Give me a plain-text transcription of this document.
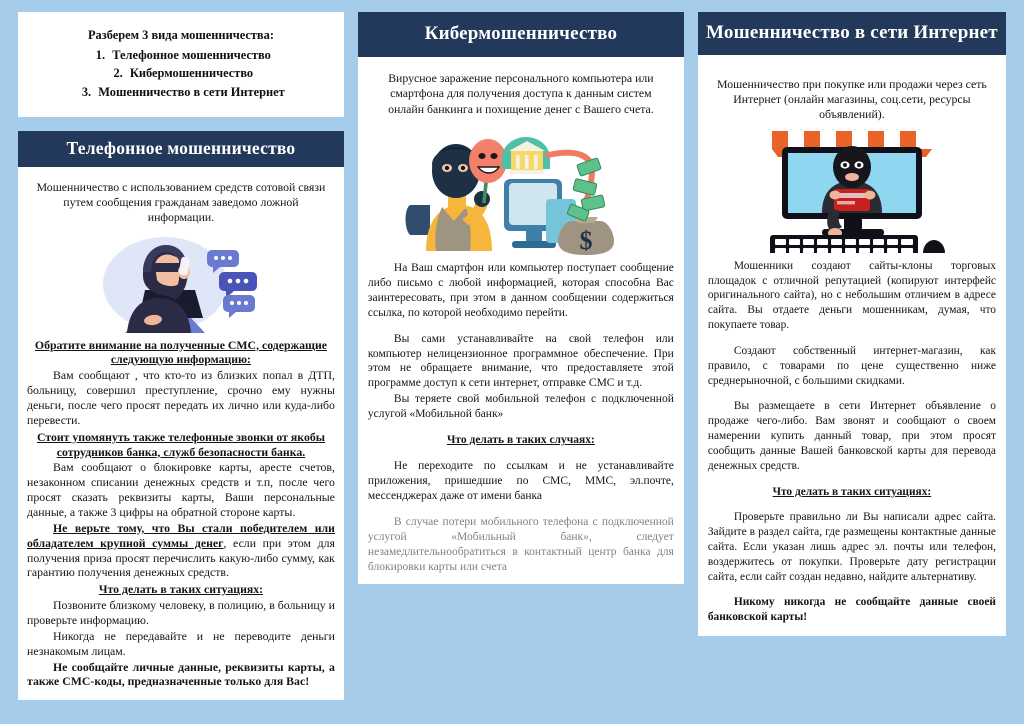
Разберем 3 вида мошенничества:
1. Телефонное мошенничество
2. Кибермошенничество
3. Мошенничество в сети Интернет
Телефонное мошенничество

Мошенничество с использованием средств сотовой связи путем сообщения гражданам заведомо ложной информации.

Обратите внимание на полученные СМС, содержащие следующую информацию:

Вам сообщают , что кто-то из близких попал в ДТП, больницу, совершил преступление, срочно ему нужны деньги, после чего просят передать их лично или куда-либо перевести.

Стоит упомянуть также телефонные звонки от якобы сотрудников банка, служб безопасности банка.

Вам сообщают о блокировке карты, аресте счетов, незаконном списании денежных средств и т.п, после чего просят сказать реквизиты карты, Ваши персональные данные, а также 3 цифры на обратной стороне карты.

Не верьте тому, что Вы стали победителем или обладателем крупной суммы денег, если при этом для получения приза просят перечислить какую-либо сумму, как гарантию получения денежных средств.

Что делать в таких ситуациях:

Позвоните близкому человеку, в полицию, в больницу и проверьте информацию.

Никогда не передавайте и не переводите деньги незнакомым лицам.

Не сообщайте личные данные, реквизиты карты, а также СМС-коды, предназначенные только для Вас!

Кибермошенничество

Вирусное заражение персонального компьютера или смартфона для получения доступа к данным систем онлайн банкинга и похищение денег с Вашего счета.

$

На Ваш смартфон или компьютер поступает сообщение либо письмо с любой информацией, которая способна Вас заинтересовать, при этом в данном сообщении содержиться ссылка, по которой необходимо перейти.

Вы сами устанавливайте на свой телефон или компьютер нелицензионное программное обеспечение. При этом не обращаете внимание, что предоставляете этой программе доступ к сети интернет, отправке СМС и т.д.

Вы теряете свой мобильной телефон с подключенной услугой «Мобильной банк»

Что делать в таких случаях:

Не переходите по ссылкам и не устанавливайте приложения, пришедшие по СМС, ММС, эл.почте, мессенджерах даже от имени банка

В случае потери мобильного телефона с подключенной услугой «Мобильный банк», следует незамедлительнообратиться в контактный центр банка для блокировки карты или счета

Мошенничество в сети Интернет

Мошенничество при покупке или продажи через сеть Интернет (онлайн магазины, соц.сети, ресурсы объявлений).

Мошенники создают сайты-клоны торговых площадок с отличной репутацией (копируют интерфейс оригинального сайта), но с небольшим отличием в адресе сайта. Вы отдаете деньги мошенникам, думая, что покупаете товар.

Создают собственный интернет-магазин, как правило, с товарами по цене существенно ниже среднерыночной, с большими скидками.

Вы размещаете в сети Интернет объявление о продаже чего-либо. Вам звонят и сообщают о своем намерении купить данный товар, при этом просят сообщить данные Вашей банковской карты для перевода денежных средств.

Что делать в таких ситуациях:

Проверьте правильно ли Вы написали адрес сайта. Зайдите в раздел сайта, где размещены контактные данные сайта. Если указан лишь адрес эл. почты или телефон, воздержитесь от покупки. Проверьте дату регистрации сайта, если сайт создан недавно, найдите альтернативу.

Никому никогда не сообщайте данные своей банковской карты!
